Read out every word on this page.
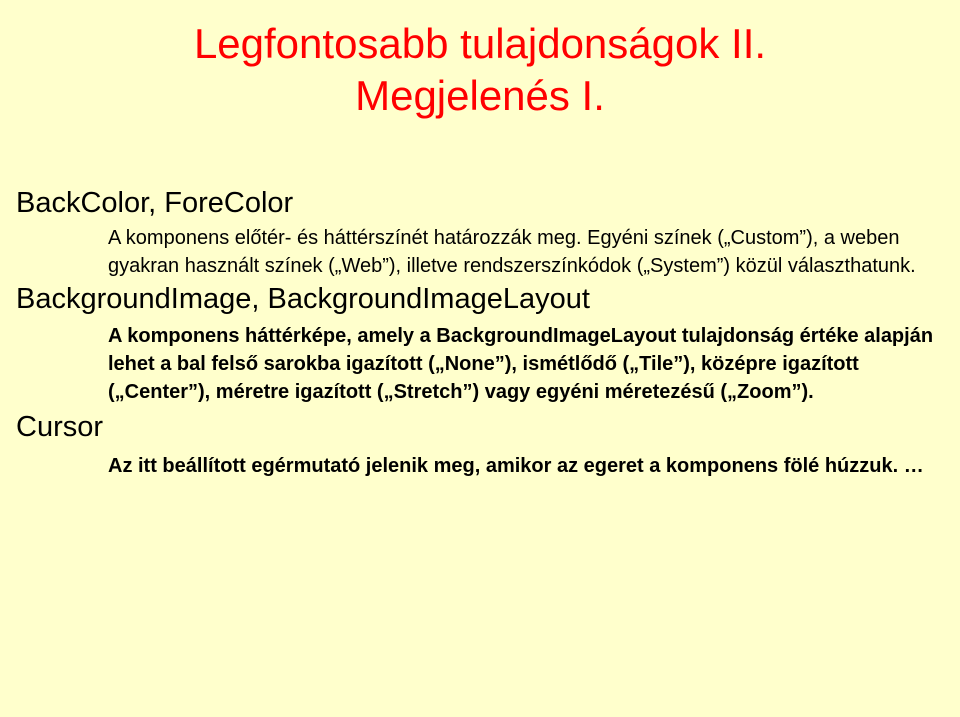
Legfontosabb tulajdonságok II.
Megjelenés I.
BackColor, ForeColor

A komponens előtér- és háttérszínét határozzák meg. Egyéni színek („Custom”), a weben gyakran használt színek („Web”), illetve rendszerszínkódok („System”) közül választhatunk.

BackgroundImage, BackgroundImageLayout

A komponens háttérképe, amely a BackgroundImageLayout tulajdonság értéke alapján lehet a bal felső sarokba igazított („None”), ismétlődő („Tile”), középre igazított („Center”), méretre igazított („Stretch”) vagy egyéni méretezésű („Zoom”).

Cursor

Az itt beállított egérmutató jelenik meg, amikor az egeret a komponens fölé húzzuk. …
